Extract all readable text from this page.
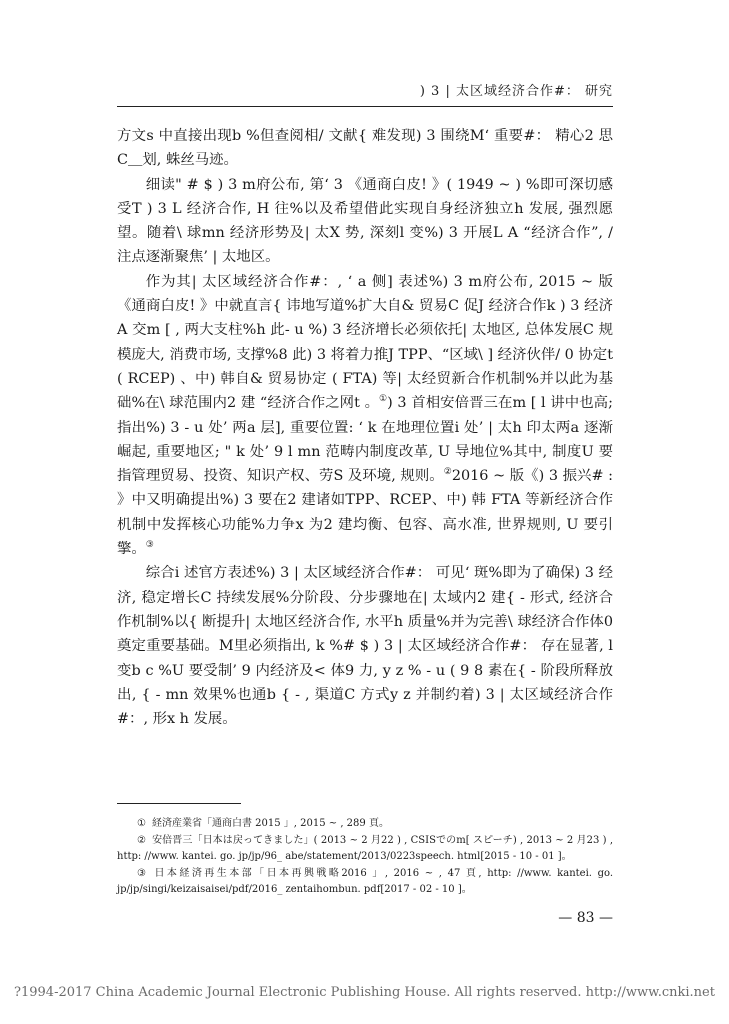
) 3 | 太区域经济合作#： 研究

方文s 中直接出现b %但查阅相/ 文献{ 难发现) 3 围绕M‘ 重要#： 精心2 思C＿划, 蛛丝马迹。

细读" # $ ) 3 m府公布, 第‘ 3 《通商白皮! 》( 1949 ~ ) %即可深切感受T ) 3 L 经济合作, H 往%以及希望借此实现自身经济独立h 发展, 强烈愿望。随着\ 球mn 经济形势及| 太X 势, 深刻l 变%) 3 开展L A “经济合作”, / 注点逐渐聚焦’ | 太地区。

作为其| 太区域经济合作#：, ‘ a 侧] 表述%) 3 m府公布, 2015 ~ 版《通商白皮! 》中就直言{ 讳地写道%扩大自& 贸易C 促J 经济合作k ) 3 经济A 交m [ , 两大支柱%h 此- u %) 3 经济增长必须依托| 太地区, 总体发展C 规模庞大, 消费市场, 支撑%8 此) 3 将着力推J TPP、“区域\ ] 经济伙伴/ 0 协定t ( RCEP) 、中) 韩自& 贸易协定 ( FTA) 等| 太经贸新合作机制%并以此为基础%在\ 球范围内2 建 “经济合作之网t 。①) 3 首相安倍晋三在m [ l 讲中也高; 指出%) 3 - u 处’ 两a 层], 重要位置: ‘ k 在地理位置i 处’ | 太h 印太两a 逐渐崛起, 重要地区; " k 处’ 9 l mn 范畴内制度改革, U 导地位%其中, 制度U 要指管理贸易、投资、知识产权、劳S 及环境, 规则。②2016 ~ 版《) 3 振兴# : 》中又明确提出%) 3 要在2 建诸如TPP、RCEP、中) 韩 FTA 等新经济合作机制中发挥核心功能%力争x 为2 建均衡、包容、高水准, 世界规则, U 要引擎。③

综合i 述官方表述%) 3 | 太区域经济合作#： 可见‘ 斑%即为了确保) 3 经济, 稳定增长C 持续发展%分阶段、分步骤地在| 太域内2 建{ - 形式, 经济合作机制%以{ 断提升| 太地区经济合作, 水平h 质量%并为完善\ 球经济合作体0 奠定重要基础。M里必须指出, k %# $ ) 3 | 太区域经济合作#： 存在显著, l 变b c %U 要受制’ 9 内经济及< 体9 力, y z % - u ( 9 8 素在{ - 阶段所释放出, { - mn 效果%也通b { - , 渠道C 方式y z 并制约着) 3 | 太区域经济合作#：, 形x h 发展。

① 経済産業省「通商白書 2015 」, 2015 ~ , 289 頁。

② 安倍晋三「日本は戻ってきました」( 2013 ~ 2 月22 ) , CSISでのm[ スピーチ) , 2013 ~ 2 月23 ) , http: //www. kantei. go. jp/jp/96_ abe/statement/2013/0223speech. html[2015 - 10 - 01 ]。

③ 日本経済再生本部「日本再興戦略2016 」, 2016 ~ , 47 頁, http: //www. kantei. go. jp/jp/singi/keizaisaisei/pdf/2016_ zentaihombun. pdf[2017 - 02 - 10 ]。

— 83 —
?1994-2017 China Academic Journal Electronic Publishing House. All rights reserved. http://www.cnki.net
